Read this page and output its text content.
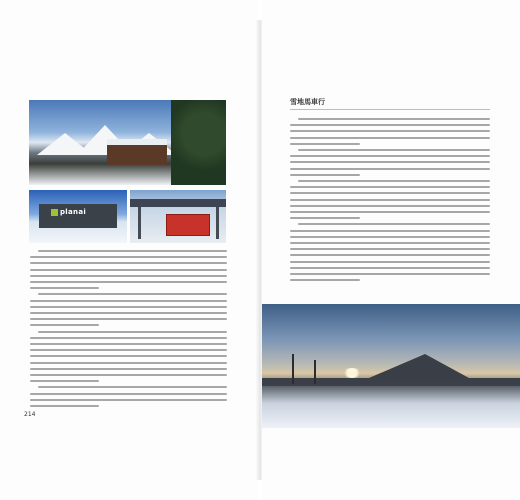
planai
214
雪地馬車行
